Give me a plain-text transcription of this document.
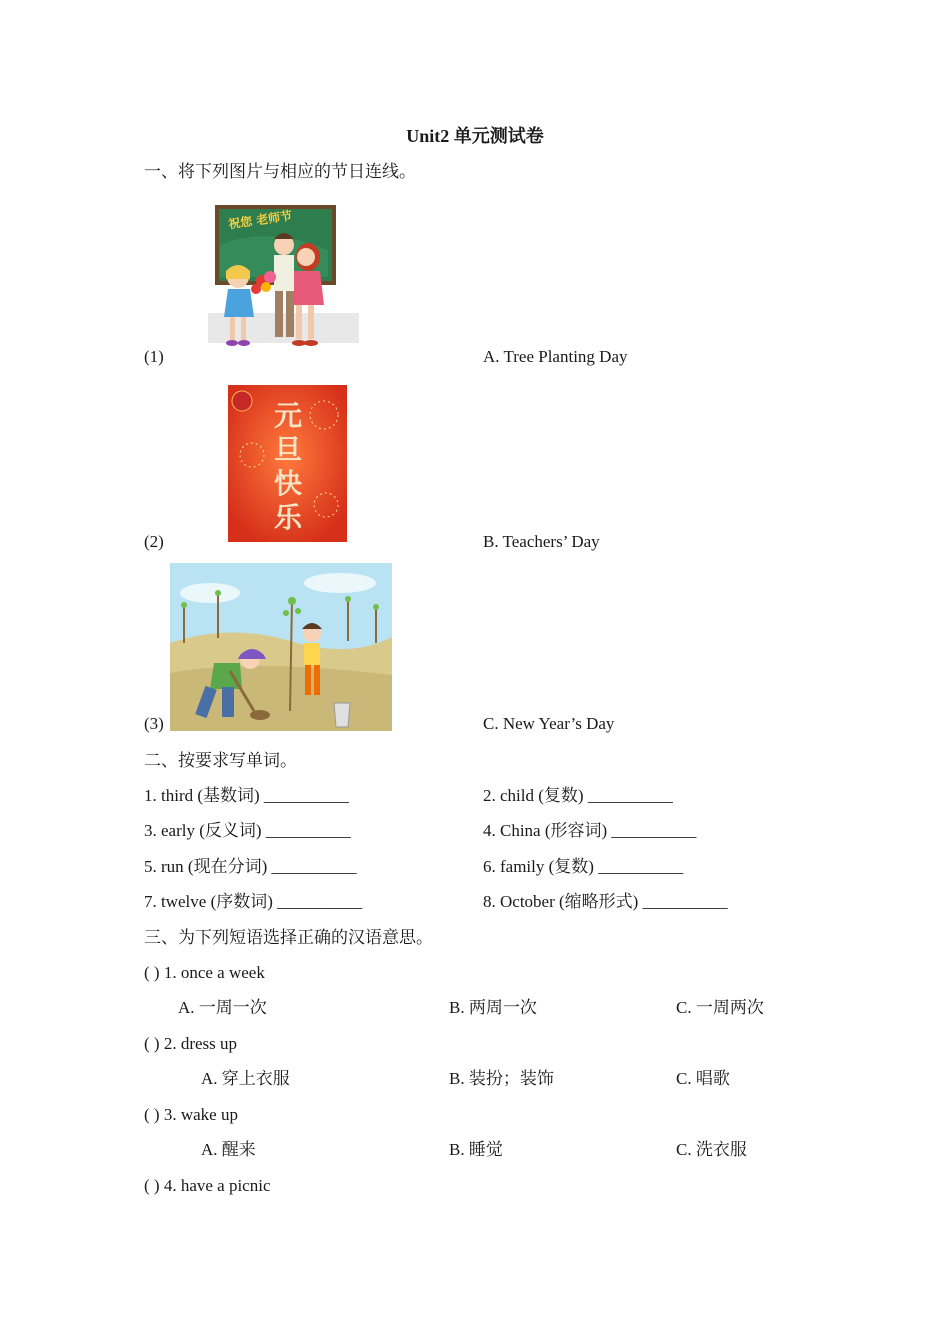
Unit2 单元测试卷
一、将下列图片与相应的节日连线。
祝您 老师节
(1)	A. Tree Planting Day
元
旦
快
乐
(2)	B. Teachers’ Day
(3)	C. New Year’s Day
二、按要求写单词。
1. third (基数词) __________	2. child (复数) __________
3. early (反义词) __________	4. China (形容词) __________
5. run (现在分词) __________	6. family (复数) __________
7. twelve (序数词) __________	8. October (缩略形式) __________
三、为下列短语选择正确的汉语意思。
( ) 1. once a week
A. 一周一次	B. 两周一次	C. 一周两次
( ) 2. dress up
A. 穿上衣服	B. 装扮；装饰	C. 唱歌
( ) 3. wake up
A. 醒来	B. 睡觉	C. 洗衣服
( ) 4. have a picnic
